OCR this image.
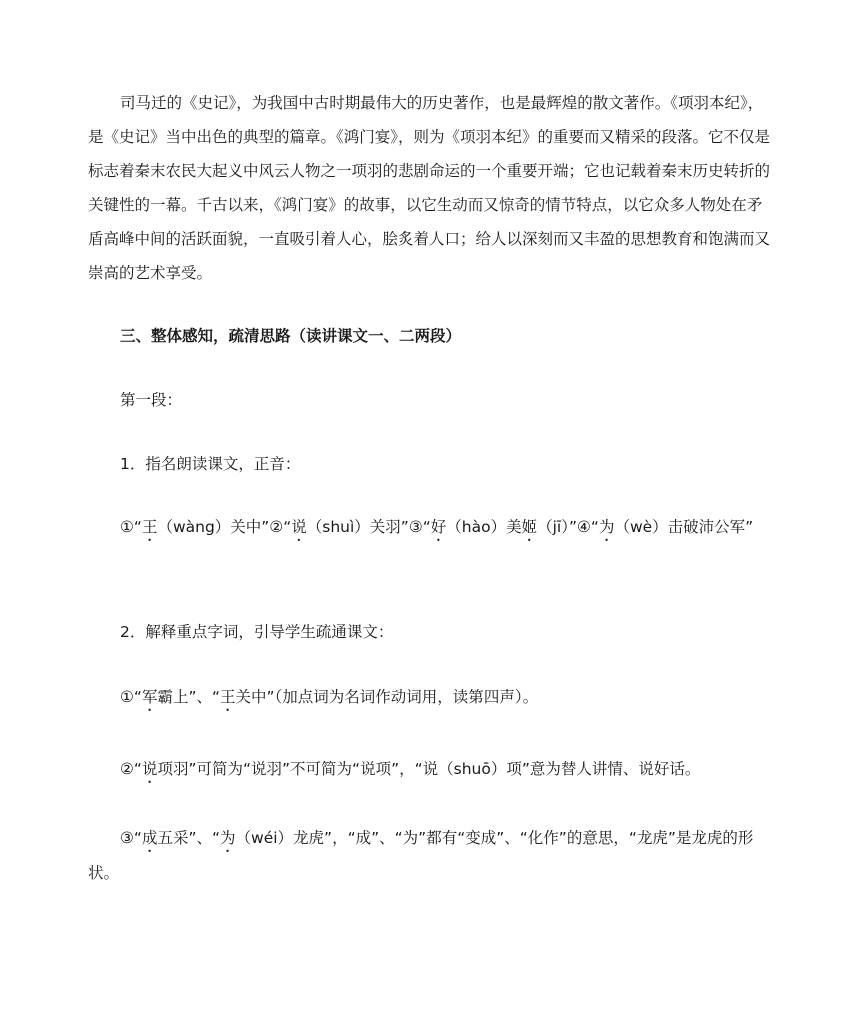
司马迁的《史记》，为我国中古时期最伟大的历史著作，也是最辉煌的散文著作。《项羽本纪》，是《史记》当中出色的典型的篇章。《鸿门宴》，则为《项羽本纪》的重要而又精采的段落。它不仅是标志着秦末农民大起义中风云人物之一项羽的悲剧命运的一个重要开端；它也记载着秦末历史转折的关键性的一幕。千古以来，《鸿门宴》的故事，以它生动而又惊奇的情节特点，以它众多人物处在矛盾高峰中间的活跃面貌，一直吸引着人心，脍炙着人口；给人以深刻而又丰盈的思想教育和饱满而又崇高的艺术享受。

三、整体感知，疏清思路（读讲课文一、二两段）

第一段：

1．指名朗读课文，正音：

①“王（wàng）关中”②“说（shuì）关羽”③“好（hào）美姬（jī）”④“为（wè）击破沛公军”

2．解释重点字词，引导学生疏通课文：

①“军霸上”、“王关中”（加点词为名词作动词用，读第四声）。

②“说项羽”可简为“说羽”不可简为“说项”，“说（shuō）项”意为替人讲情、说好话。

③“成五采”、“为（wéi）龙虎”，“成”、“为”都有“变成”、“化作”的意思，“龙虎”是龙虎的形状。
